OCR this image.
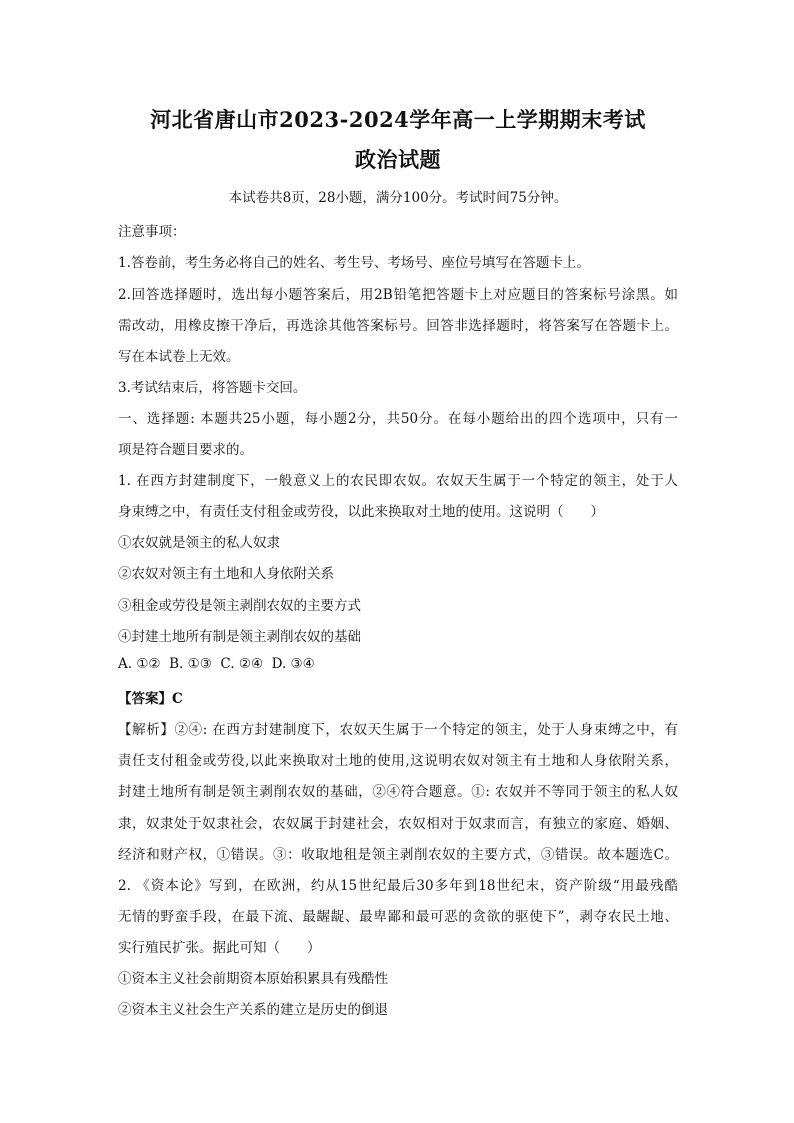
河北省唐山市2023-2024学年高一上学期期末考试
政治试题
本试卷共8页，28小题，满分100分。考试时间75分钟。
注意事项：
1.答卷前，考生务必将自己的姓名、考生号、考场号、座位号填写在答题卡上。
2.回答选择题时，选出每小题答案后，用2B铅笔把答题卡上对应题目的答案标号涂黑。如
需改动，用橡皮擦干净后，再选涂其他答案标号。回答非选择题时，将答案写在答题卡上。
写在本试卷上无效。
3.考试结束后，将答题卡交回。
一、选择题: 本题共25小题，每小题2分，共50分。在每小题给出的四个选项中，只有一
项是符合题目要求的。
1. 在西方封建制度下，一般意义上的农民即农奴。农奴天生属于一个特定的领主，处于人
身束缚之中，有责任支付租金或劳役，以此来换取对土地的使用。这说明（　　）
①农奴就是领主的私人奴隶
②农奴对领主有土地和人身依附关系
③租金或劳役是领主剥削农奴的主要方式
④封建土地所有制是领主剥削农奴的基础
A. ①②  B. ①③  C. ②④  D. ③④
【答案】C
【解析】②④: 在西方封建制度下，农奴天生属于一个特定的领主，处于人身束缚之中，有
责任支付租金或劳役,以此来换取对土地的使用,这说明农奴对领主有土地和人身依附关系，
封建土地所有制是领主剥削农奴的基础，②④符合题意。①: 农奴并不等同于领主的私人奴
隶，奴隶处于奴隶社会，农奴属于封建社会，农奴相对于奴隶而言，有独立的家庭、婚姻、
经济和财产权，①错误。③：收取地租是领主剥削农奴的主要方式，③错误。故本题选C。
2. 《资本论》写到，在欧洲，约从15世纪最后30多年到18世纪末，资产阶级“用最残酷
无情的野蛮手段，在最下流、最龌龊、最卑鄙和最可恶的贪欲的驱使下”，剥夺农民土地、
实行殖民扩张。据此可知（　　）
①资本主义社会前期资本原始积累具有残酷性
②资本主义社会生产关系的建立是历史的倒退
